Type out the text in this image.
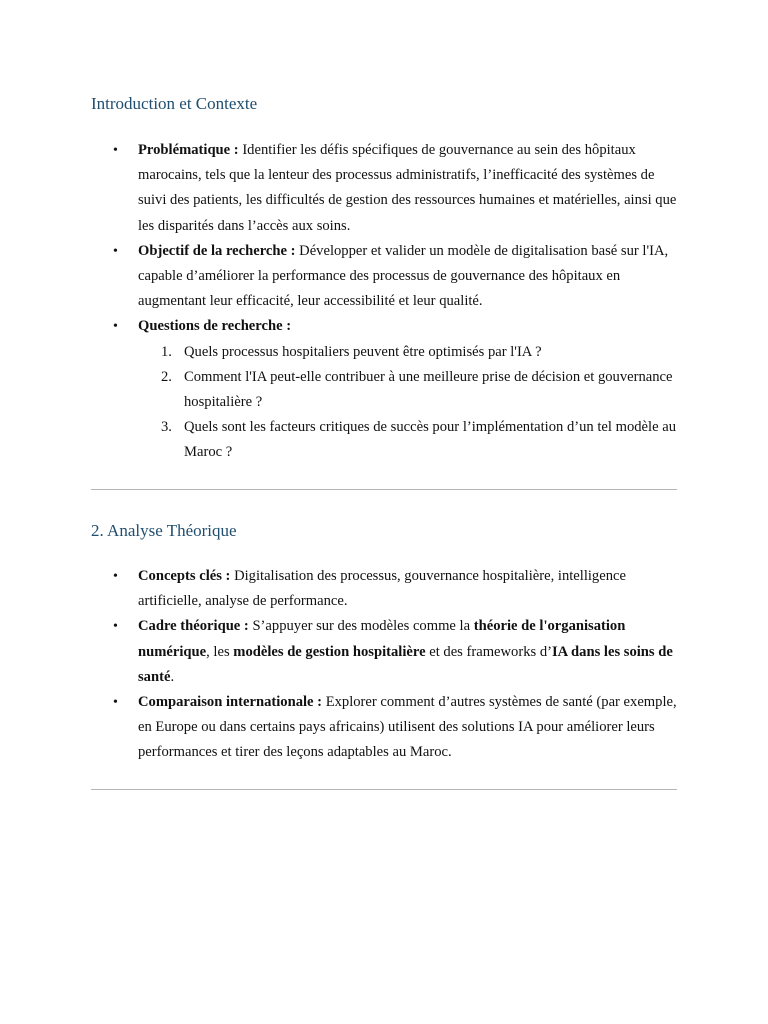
Introduction et Contexte
• Problématique : Identifier les défis spécifiques de gouvernance au sein des hôpitaux marocains, tels que la lenteur des processus administratifs, l’inefficacité des systèmes de suivi des patients, les difficultés de gestion des ressources humaines et matérielles, ainsi que les disparités dans l’accès aux soins.
• Objectif de la recherche : Développer et valider un modèle de digitalisation basé sur l'IA, capable d’améliorer la performance des processus de gouvernance des hôpitaux en augmentant leur efficacité, leur accessibilité et leur qualité.
• Questions de recherche :
1. Quels processus hospitaliers peuvent être optimisés par l'IA ?
2. Comment l'IA peut-elle contribuer à une meilleure prise de décision et gouvernance hospitalière ?
3. Quels sont les facteurs critiques de succès pour l’implémentation d’un tel modèle au Maroc ?
2. Analyse Théorique
• Concepts clés : Digitalisation des processus, gouvernance hospitalière, intelligence artificielle, analyse de performance.
• Cadre théorique : S’appuyer sur des modèles comme la théorie de l'organisation numérique, les modèles de gestion hospitalière et des frameworks d’IA dans les soins de santé.
• Comparaison internationale : Explorer comment d’autres systèmes de santé (par exemple, en Europe ou dans certains pays africains) utilisent des solutions IA pour améliorer leurs performances et tirer des leçons adaptables au Maroc.
